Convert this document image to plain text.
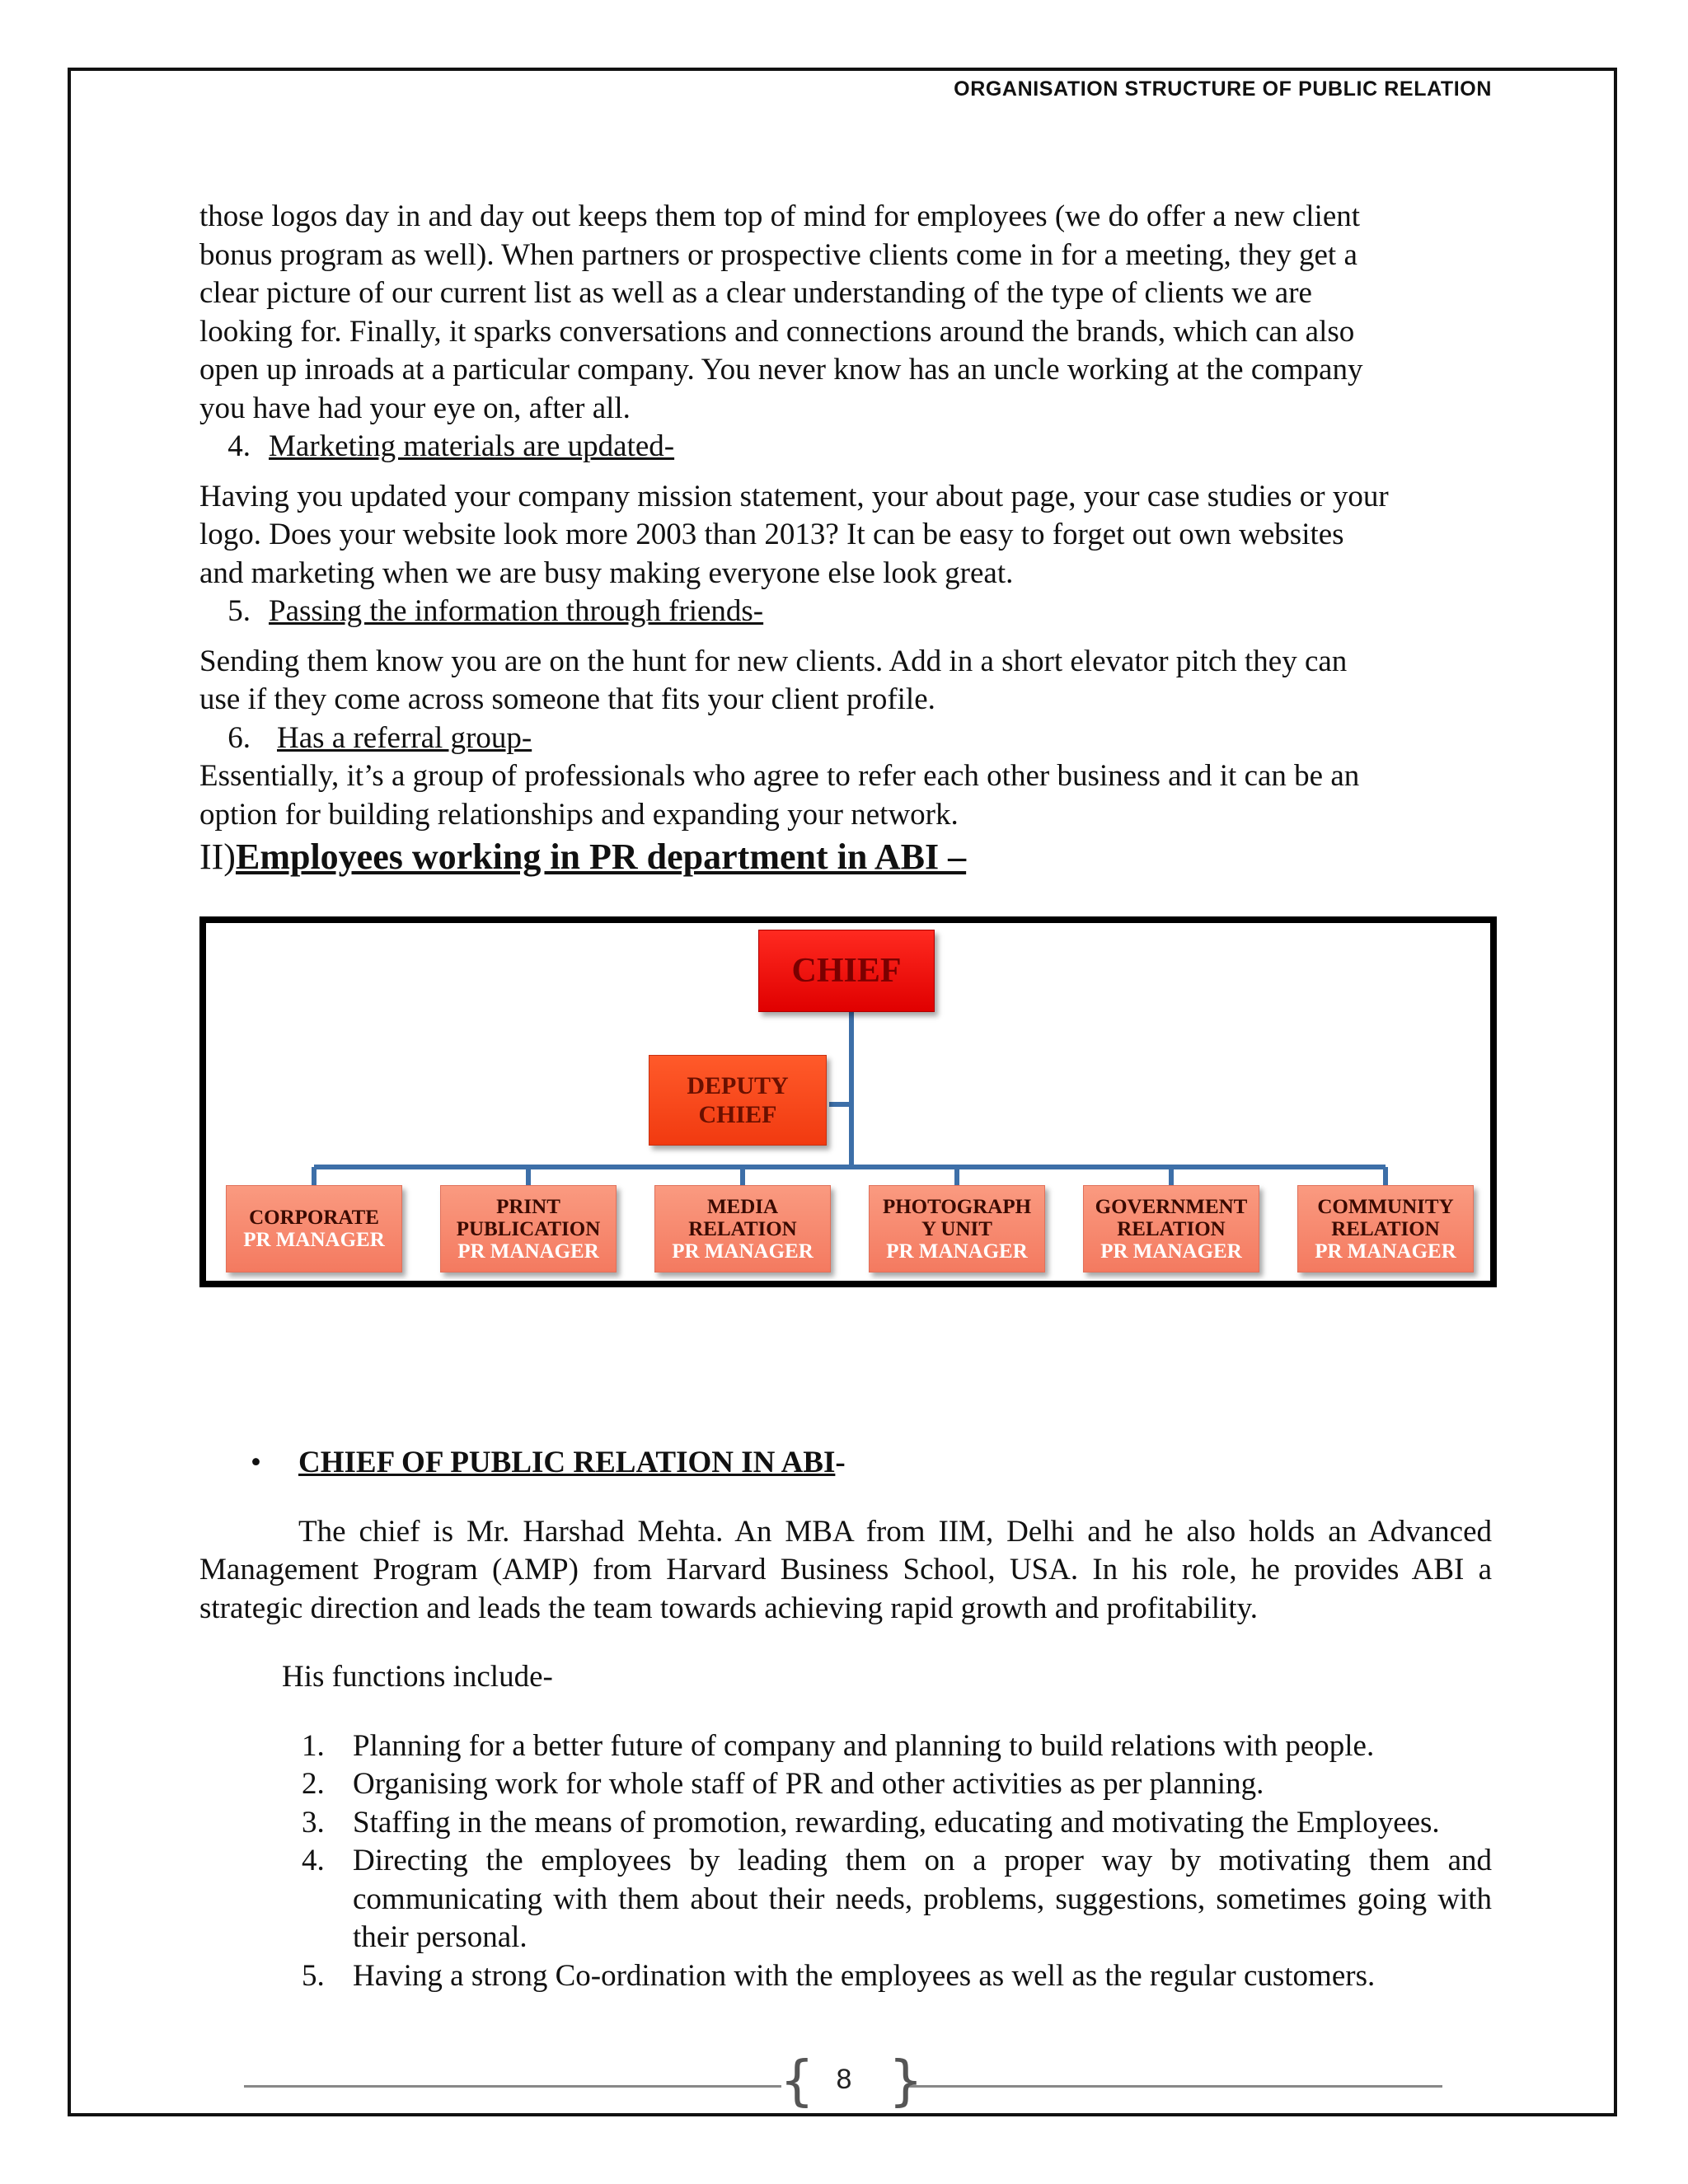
ORGANISATION STRUCTURE OF PUBLIC RELATION

those logos day in and day out keeps them top of mind for employees (we do offer a new client

bonus program as well). When partners or prospective clients come in for a meeting, they get a

clear picture of our current list as well as a clear understanding of the type of clients we are

looking for. Finally, it sparks conversations and connections around the brands, which can also

open up inroads at a particular company. You never know has an uncle working at the company

you have had your eye on, after all.

4. Marketing materials are updated-

Having you updated your company mission statement, your about page, your case studies or your

logo. Does your website look more 2003 than 2013? It can be easy to forget out own websites

and marketing when we are busy making everyone else look great.

5. Passing the information through friends-

Sending them know you are on the hunt for new clients. Add in a short elevator pitch they can

use if they come across someone that fits your client profile.

6. Has a referral group-

Essentially, it’s a group of professionals who agree to refer each other business and it can be an

option for building relationships and expanding your network.

II)Employees working in PR department in ABI –

CHIEF
DEPUTY
CHIEF
CORPORATE
PR MANAGER
PRINT
PUBLICATION
PR MANAGER
MEDIA
RELATION
PR MANAGER
PHOTOGRAPH
Y UNIT
PR MANAGER
GOVERNMENT
RELATION
PR MANAGER
COMMUNITY
RELATION
PR MANAGER

• CHIEF OF PUBLIC RELATION IN ABI-

The chief is Mr. Harshad Mehta. An MBA from IIM, Delhi and he also holds an Advanced Management Program (AMP) from Harvard Business School, USA. In his role, he provides ABI a strategic direction and leads the team towards achieving rapid growth and profitability.

His functions include-

1. Planning for a better future of company and planning to build relations with people.
2. Organising work for whole staff of PR and other activities as per planning.
3. Staffing in the means of promotion, rewarding, educating and motivating the Employees.
4. Directing the employees by leading them on a proper way by motivating them and communicating with them about their needs, problems, suggestions, sometimes going with their personal.
5. Having a strong Co-ordination with the employees as well as the regular customers.
{ }
8
